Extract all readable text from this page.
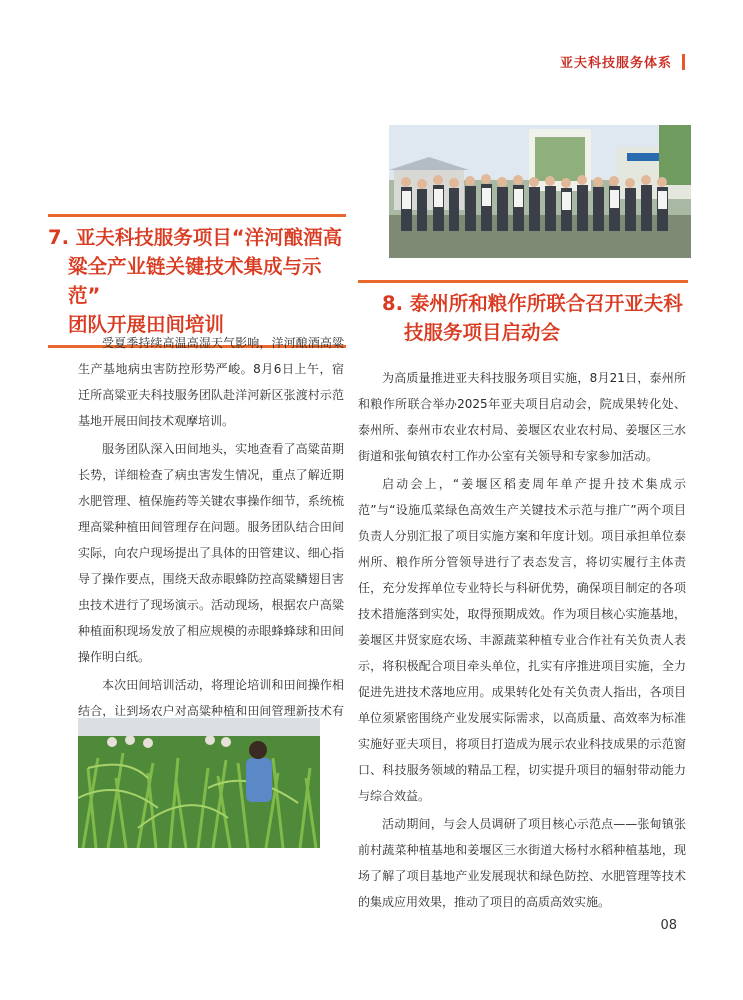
亚夫科技服务体系
7. 亚夫科技服务项目“洋河酿酒高
粱全产业链关键技术集成与示范”
团队开展田间培训

受夏季持续高温高湿天气影响，洋河酿酒高粱生产基地病虫害防控形势严峻。8月6日上午，宿迁所高粱亚夫科技服务团队赴洋河新区张渡村示范基地开展田间技术观摩培训。

服务团队深入田间地头，实地查看了高粱苗期长势，详细检查了病虫害发生情况，重点了解近期水肥管理、植保施药等关键农事操作细节，系统梳理高粱种植田间管理存在问题。服务团队结合田间实际，向农户现场提出了具体的田管建议、细心指导了操作要点，围绕天敌赤眼蜂防控高粱鳞翅目害虫技术进行了现场演示。活动现场，根据农户高粱种植面积现场发放了相应规模的赤眼蜂蜂球和田间操作明白纸。

本次田间培训活动，将理论培训和田间操作相结合，让到场农户对高粱种植和田间管理新技术有

8. 泰州所和粮作所联合召开亚夫科
技服务项目启动会

为高质量推进亚夫科技服务项目实施，8月21日，泰州所和粮作所联合举办2025年亚夫项目启动会，院成果转化处、泰州所、泰州市农业农村局、姜堰区农业农村局、姜堰区三水街道和张甸镇农村工作办公室有关领导和专家参加活动。

启动会上，“姜堰区稻麦周年单产提升技术集成示范”与“设施瓜菜绿色高效生产关键技术示范与推广”两个项目负责人分别汇报了项目实施方案和年度计划。项目承担单位泰州所、粮作所分管领导进行了表态发言，将切实履行主体责任，充分发挥单位专业特长与科研优势，确保项目制定的各项技术措施落到实处，取得预期成效。作为项目核心实施基地，姜堰区井贤家庭农场、丰源蔬菜种植专业合作社有关负责人表示，将积极配合项目牵头单位，扎实有序推进项目实施，全力促进先进技术落地应用。成果转化处有关负责人指出，各项目单位须紧密围绕产业发展实际需求，以高质量、高效率为标准实施好亚夫项目，将项目打造成为展示农业科技成果的示范窗口、科技服务领域的精品工程，切实提升项目的辐射带动能力与综合效益。

活动期间，与会人员调研了项目核心示范点——张甸镇张前村蔬菜种植基地和姜堰区三水街道大杨村水稻种植基地，现场了解了项目基地产业发展现状和绿色防控、水肥管理等技术的集成应用效果，推动了项目的高质高效实施。

08
